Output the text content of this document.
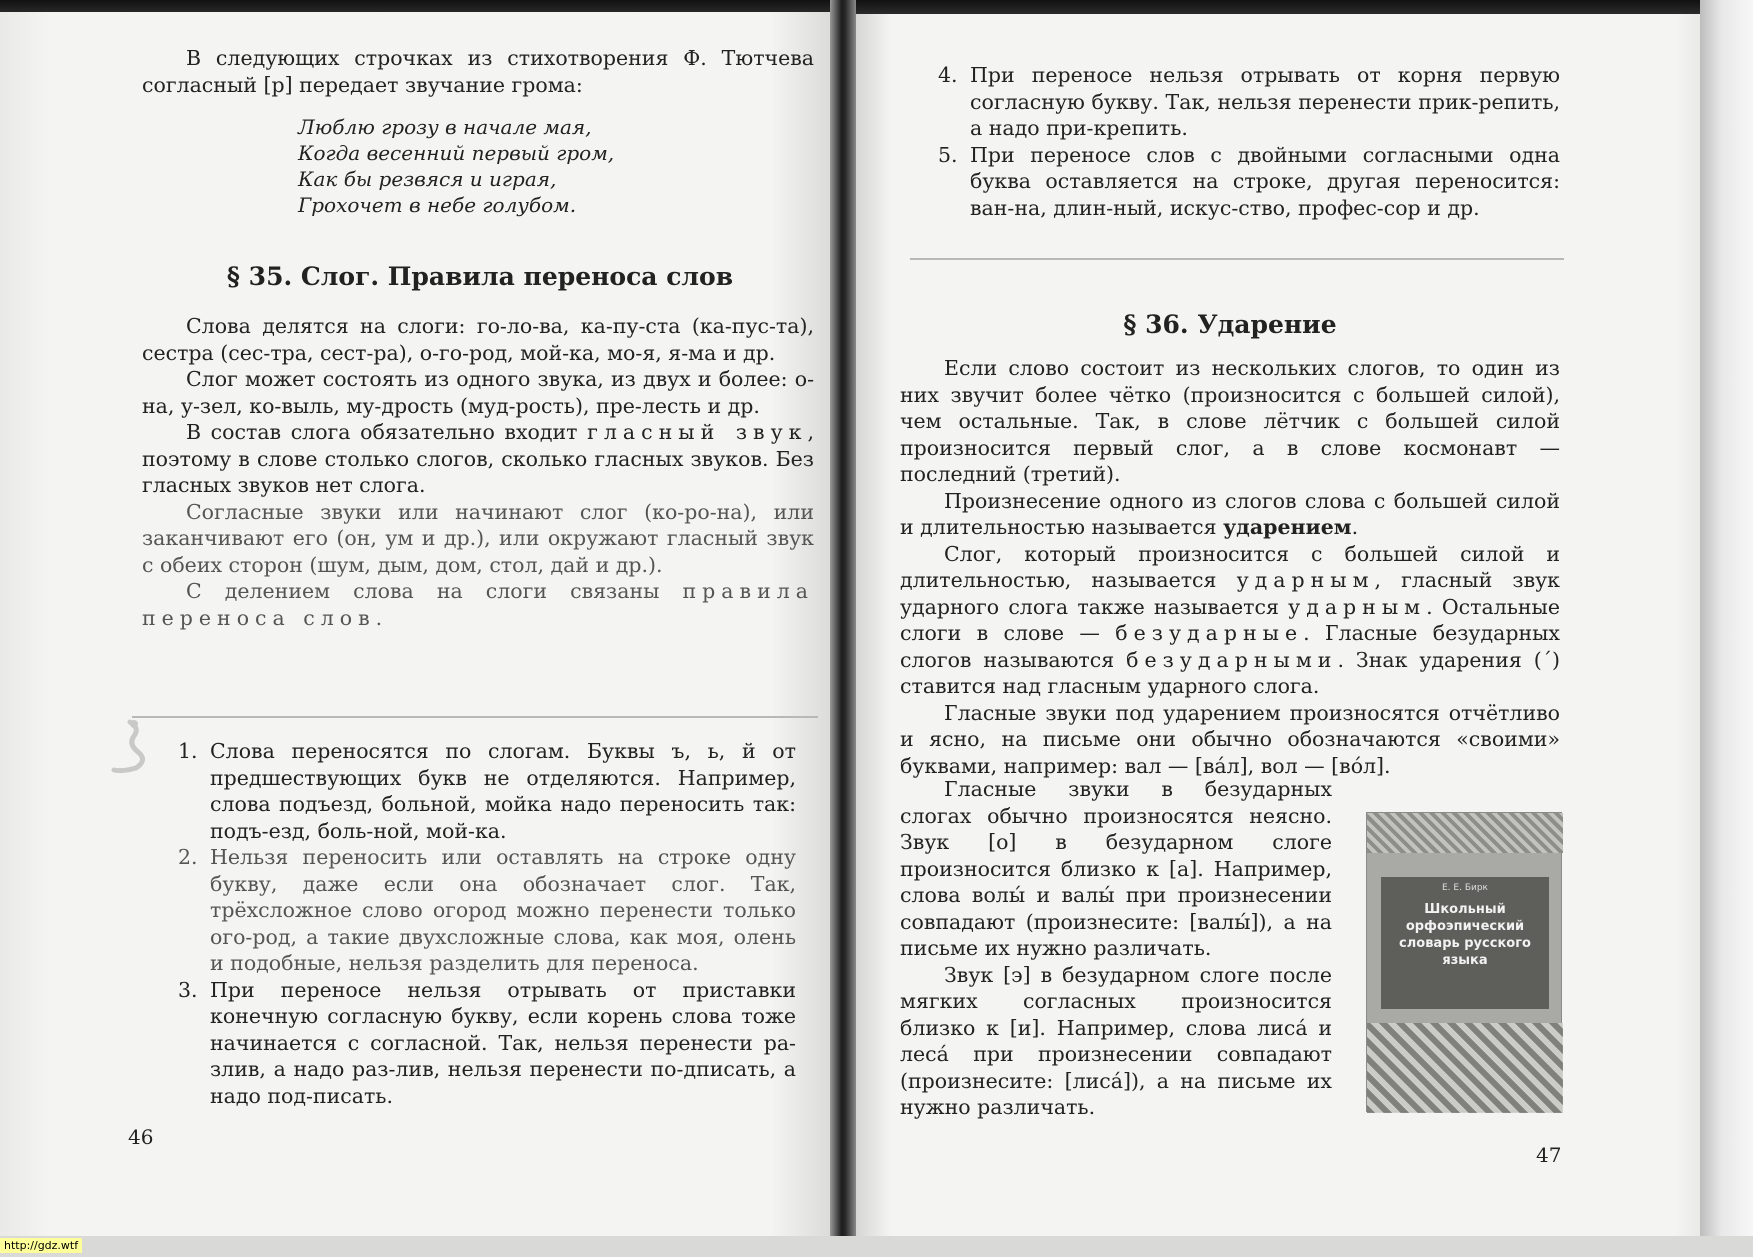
В следующих строчках из стихотворения Ф. Тютчева согласный [р] передает звучание грома:

Люблю грозу в начале мая,
Когда весенний первый гром,
Как бы резвяся и играя,
Грохочет в небе голубом.
§ 35. Слог. Правила переноса слов

Слова делятся на слоги: го-ло-ва, ка-пу-ста (ка-пус-та), сестра (сес-тра, сест-ра), о-го-род, мой-ка, мо-я, я-ма и др.

Слог может состоять из одного звука, из двух и более: о-на, у-зел, ко-выль, му-дрость (муд-рость), пре-лесть и др.

В состав слога обязательно входит гласный звук, поэтому в слове столько слогов, сколько гласных звуков. Без гласных звуков нет слога.

Согласные звуки или начинают слог (ко-ро-на), или заканчивают его (он, ум и др.), или окружают гласный звук с обеих сторон (шум, дым, дом, стол, дай и др.).

С делением слова на слоги связаны правила переноса слов.

1. Слова переносятся по слогам. Буквы ъ, ь, й от предшествующих букв не отделяются. Например, слова подъезд, больной, мойка надо переносить так: подъ-езд, боль-ной, мой-ка.
2. Нельзя переносить или оставлять на строке одну букву, даже если она обозначает слог. Так, трёхсложное слово огород можно перенести только ого-род, а такие двухсложные слова, как моя, олень и подобные, нельзя разделить для переноса.
3. При переносе нельзя отрывать от приставки конечную согласную букву, если корень слова тоже начинается с согласной. Так, нельзя перенести ра-злив, а надо раз-лив, нельзя перенести по-дписать, а надо под-писать.
46
4. При переносе нельзя отрывать от корня первую согласную букву. Так, нельзя перенести прик-репить, а надо при-крепить.
5. При переносе слов с двойными согласными одна буква оставляется на строке, другая переносится: ван-на, длин-ный, искус-ство, профес-сор и др.
§ 36. Ударение

Если слово состоит из нескольких слогов, то один из них звучит более чётко (произносится с большей силой), чем остальные. Так, в слове лётчик с большей силой произносится первый слог, а в слове космонавт — последний (третий).

Произнесение одного из слогов слова с большей силой и длительностью называется ударением.

Слог, который произносится с большей силой и длительностью, называется ударным, гласный звук ударного слога также называется ударным. Остальные слоги в слове — безударные. Гласные безударных слогов называются безударными. Знак ударения (´) ставится над гласным ударного слога.

Гласные звуки под ударением произносятся отчётливо и ясно, на письме они обычно обозначаются «своими» буквами, например: вал — [вáл], вол — [вóл].

Гласные звуки в безударных слогах обычно произносятся неясно. Звук [о] в безударном слоге произносится близко к [а]. Например, слова волы́ и валы́ при произнесении совпадают (произнесите: [валы́]), а на письме их нужно различать.

Звук [э] в безударном слоге после мягких согласных произносится близко к [и]. Например, слова лиса́ и леса́ при произнесении совпадают (произнесите: [лиса́]), а на письме их нужно различать.

Е. Е. Бирк
Школьный орфоэпический словарь русского языка
47
http://gdz.wtf
